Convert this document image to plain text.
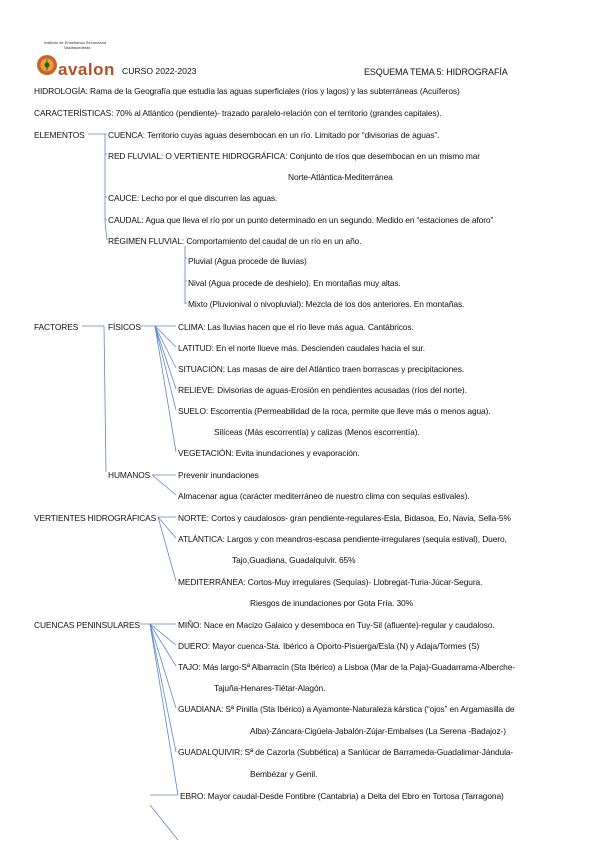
Instituto de Enseñanza Secundaria
Valdeacederas
avalon CURSO 2022-2023	ESQUEMA TEMA 5: HIDROGRAFÍA
HIDROLOGÍA: Rama de la Geografía que estudia las aguas superficiales (ríos y lagos) y las subterráneas (Acuíferos)
CARACTERÍSTICAS: 70% al Atlántico (pendiente)- trazado paralelo-relación con el territorio (grandes capitales).
ELEMENTOS	CUENCA: Territorio cuyas aguas desembocan en un río. Limitado por “divisorias de aguas”.
RED FLUVIAL: O VERTIENTE HIDROGRÁFICA: Conjunto de ríos que desembocan en un mismo mar
Norte-Atlántica-Mediterránea
CAUCE: Lecho por el que discurren las aguas.
CAUDAL: Agua que lleva el río por un punto determinado en un segundo. Medido en “estaciones de aforo”
RÉGIMEN FLUVIAL: Comportamiento del caudal de un río en un año.
Pluvial (Agua procede de lluvias)
Nival (Agua procede de deshielo). En montañas muy altas.
Mixto (Pluvionival o nivopluvial): Mezcla de los dos anteriores. En montañas.
FACTORES	FÍSICOS	CLIMA: Las lluvias hacen que el río lleve más agua. Cantábricos.
LATITUD: En el norte llueve más. Descienden caudales hacia el sur.
SITUACIÓN: Las masas de aire del Atlántico traen borrascas y precipitaciones.
RELIEVE: Divisorias de aguas-Erosión en pendientes acusadas (ríos del norte).
SUELO: Escorrentía (Permeabilidad de la roca, permite que lleve más o menos agua).
Silíceas (Más escorrentía) y calizas (Menos escorrentía).
VEGETACIÓN: Evita inundaciones y evaporación.
HUMANOS	Prevenir inundaciones
Almacenar agua (carácter mediterráneo de nuestro clima con sequías estivales).
VERTIENTES HIDROGRÁFICAS	NORTE: Cortos y caudalosos- gran pendiente-regulares-Esla, Bidasoa, Eo, Navia, Sella-5%
ATLÁNTICA: Largos y con meandros-escasa pendiente-irregulares (sequía estival), Duero,
Tajo,Guadiana, Guadalquivir. 65%
MEDITERRÁNEA: Cortos-Muy irregulares (Sequías)- Llobregat-Turia-Júcar-Segura.
Riesgos de inundaciones por Gota Fría. 30%
CUENCAS PENINSULARES	MIÑO: Nace en Macizo Galaico y desemboca en Tuy-Sil (afluente)-regular y caudaloso.
DUERO: Mayor cuenca-Sta. Ibérico a Oporto-Pisuerga/Esla (N) y Adaja/Tormes (S)
TAJO: Más largo-Sª Albarracín (Sta Ibérico) a Lisboa (Mar de la Paja)-Guadarrama-Alberche-
Tajuña-Henares-Tiétar-Alagón.
GUADIANA: Sª Pinilla (Sta Ibérico) a Ayamonte-Naturaleza kárstica (“ojos” en Argamasilla de
Alba)-Záncara-Cigüela-Jabalón-Zújar-Embalses (La Serena -Badajoz-)
GUADALQUIVIR: Sª de Cazorla (Subbética) a Sanlúcar de Barrameda-Guadalimar-Jándula-
Bembézar y Genil.
EBRO: Mayor caudal-Desde Fontibre (Cantabria) a Delta del Ebro en Tortosa (Tarragona)
